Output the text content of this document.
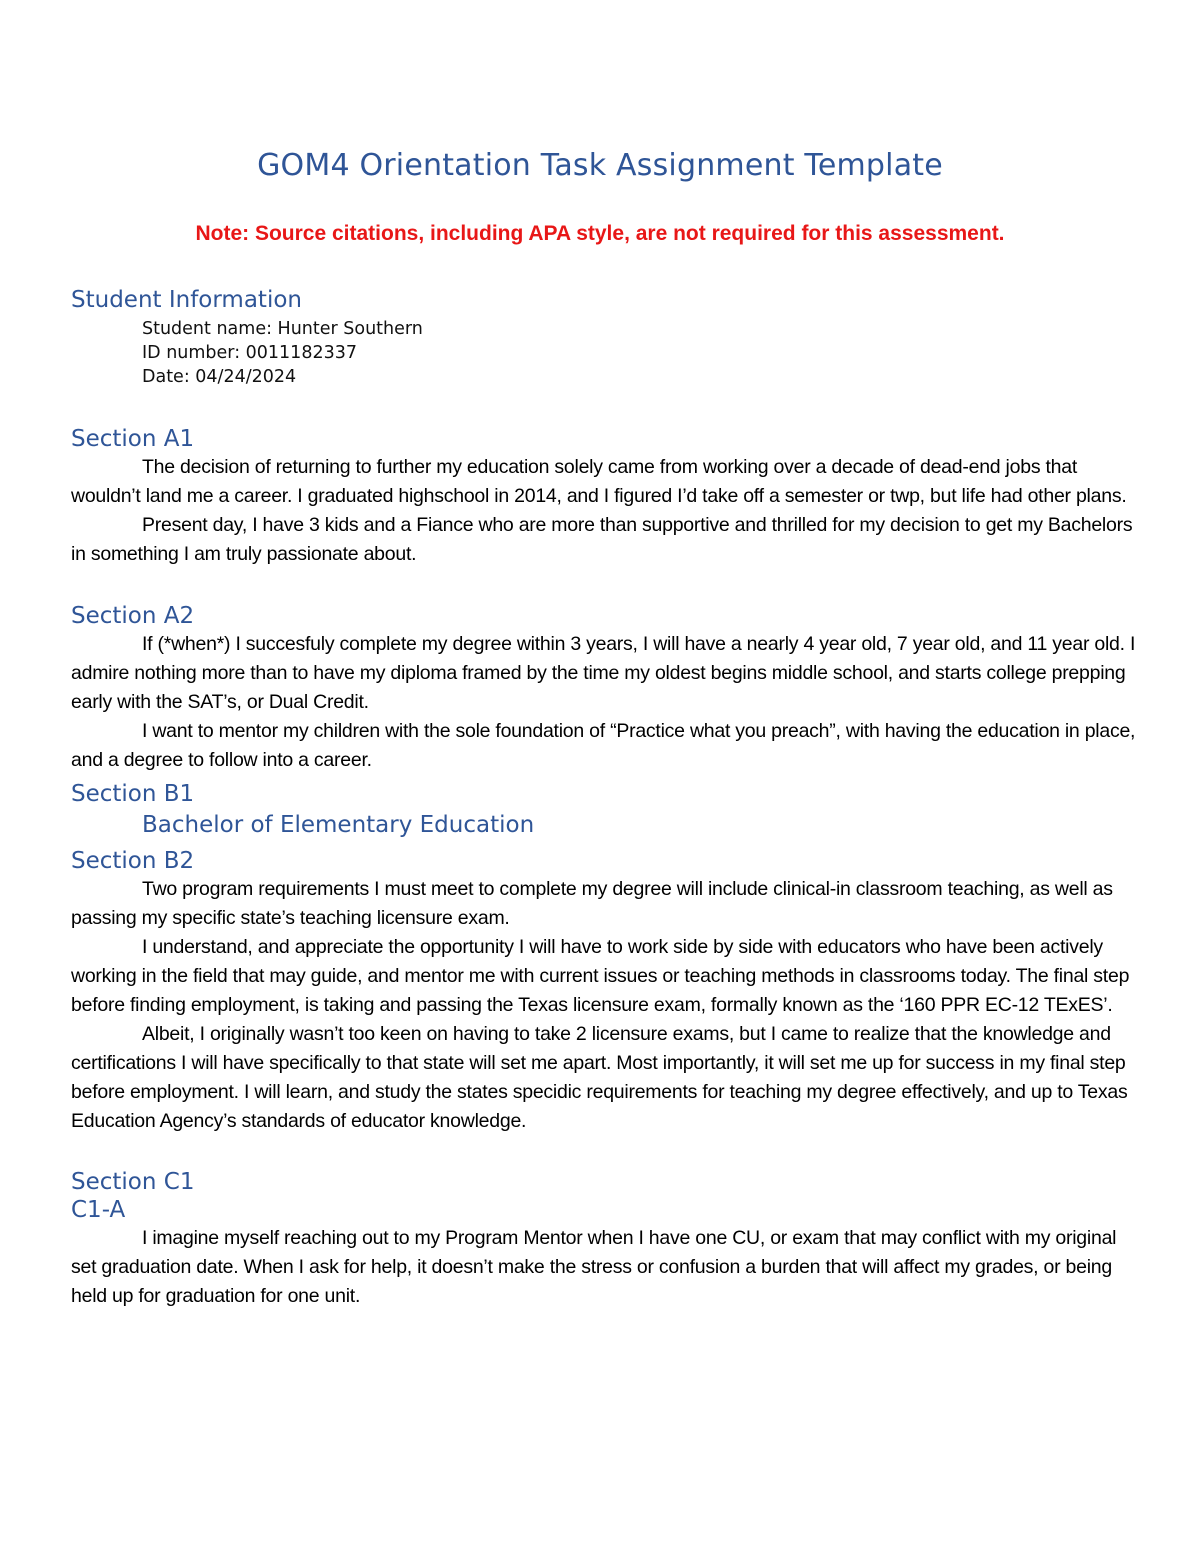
GOM4 Orientation Task Assignment Template

Note: Source citations, including APA style, are not required for this assessment.

Student Information

Student name: Hunter Southern

ID number: 0011182337

Date: 04/24/2024

Section A1

The decision of returning to further my education solely came from working over a decade of dead-end jobs that wouldn’t land me a career. I graduated highschool in 2014, and I figured I’d take off a semester or twp, but life had other plans.

Present day, I have 3 kids and a Fiance who are more than supportive and thrilled for my decision to get my Bachelors in something I am truly passionate about.

Section A2

If (*when*) I succesfuly complete my degree within 3 years, I will have a nearly 4 year old, 7 year old, and 11 year old. I admire nothing more than to have my diploma framed by the time my oldest begins middle school, and starts college prepping early with the SAT’s, or Dual Credit.

I want to mentor my children with the sole foundation of “Practice what you preach”, with having the education in place, and a degree to follow into a career.

Section B1

Bachelor of Elementary Education

Section B2

Two program requirements I must meet to complete my degree will include clinical-in classroom teaching, as well as passing my specific state’s teaching licensure exam.

I understand, and appreciate the opportunity I will have to work side by side with educators who have been actively working in the field that may guide, and mentor me with current issues or teaching methods in classrooms today. The final step before finding employment, is taking and passing the Texas licensure exam, formally known as the ‘160 PPR EC-12 TExES’.

Albeit, I originally wasn’t too keen on having to take 2 licensure exams, but I came to realize that the knowledge and certifications I will have specifically to that state will set me apart. Most importantly, it will set me up for success in my final step before employment. I will learn, and study the states specidic requirements for teaching my degree effectively, and up to Texas Education Agency’s standards of educator knowledge.

Section C1
C1-A

I imagine myself reaching out to my Program Mentor when I have one CU, or exam that may conflict with my original set graduation date. When I ask for help, it doesn’t make the stress or confusion a burden that will affect my grades, or being held up for graduation for one unit.
